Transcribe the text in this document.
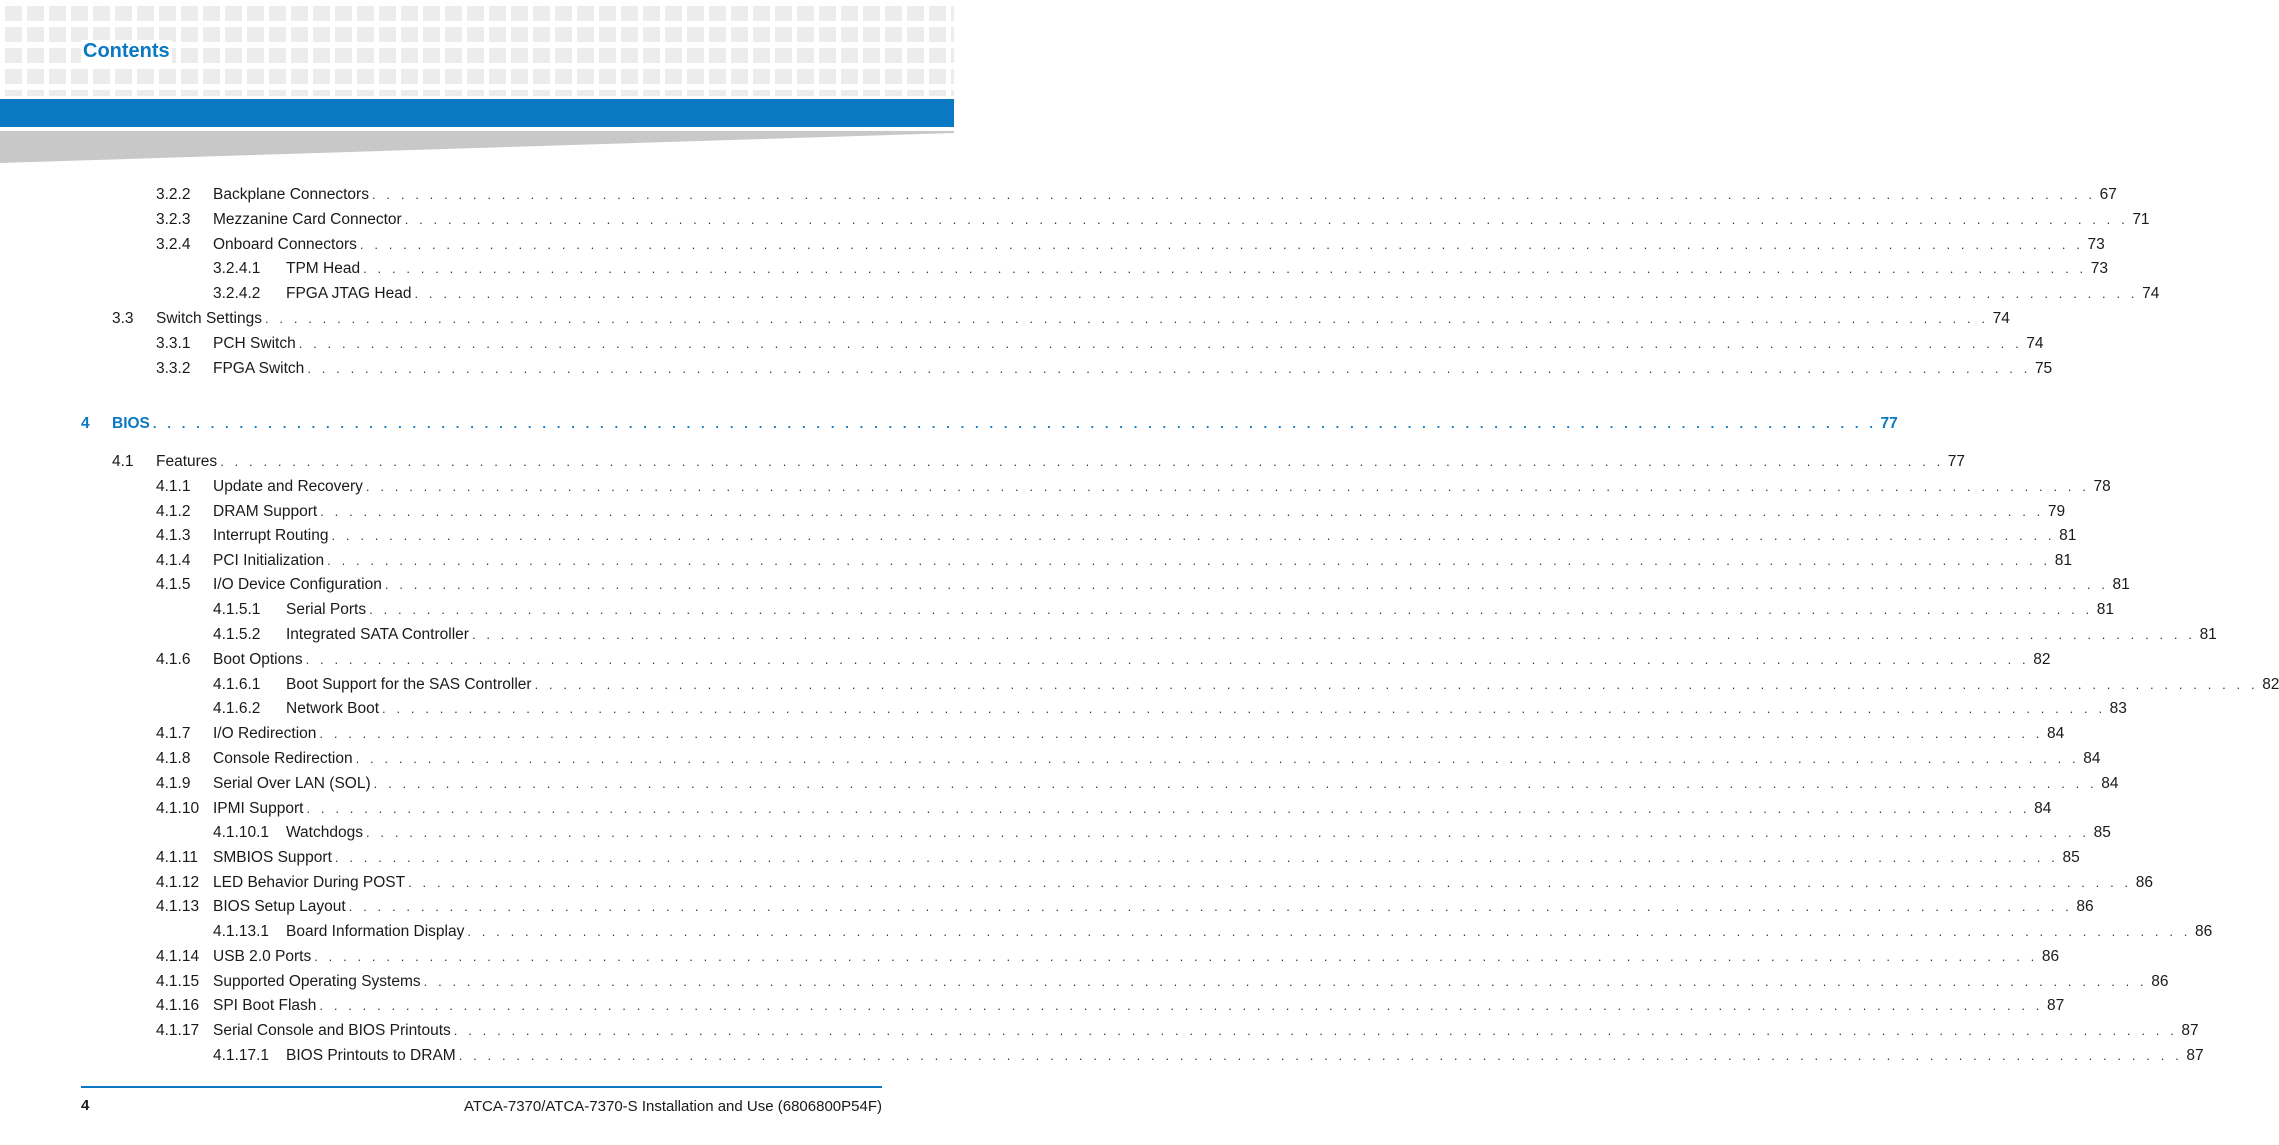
Contents
3.2.2	Backplane Connectors . . . . . . . . . . . . . . . . . . . . . . . . . . . . . . . . . . . . . . . . . . . . . . . . . . . . . . . . . . . . . . . . . . . . . . . . . . . . . . . . . . . . . . . . . . . . . . . . . . . . . . . . . . . . . . . . . . . . . . . . 67
3.2.3	Mezzanine Card Connector . . . . . . . . . . . . . . . . . . . . . . . . . . . . . . . . . . . . . . . . . . . . . . . . . . . . . . . . . . . . . . . . . . . . . . . . . . . . . . . . . . . . . . . . . . . . . . . . . . . . . . . . . . . . . . . . . . . . . . . . 71
3.2.4	Onboard Connectors . . . . . . . . . . . . . . . . . . . . . . . . . . . . . . . . . . . . . . . . . . . . . . . . . . . . . . . . . . . . . . . . . . . . . . . . . . . . . . . . . . . . . . . . . . . . . . . . . . . . . . . . . . . . . . . . . . . . . . . . 73
3.2.4.1	TPM Head . . . . . . . . . . . . . . . . . . . . . . . . . . . . . . . . . . . . . . . . . . . . . . . . . . . . . . . . . . . . . . . . . . . . . . . . . . . . . . . . . . . . . . . . . . . . . . . . . . . . . . . . . . . . . . . . . . . . . . . . 73
3.2.4.2	FPGA JTAG Head . . . . . . . . . . . . . . . . . . . . . . . . . . . . . . . . . . . . . . . . . . . . . . . . . . . . . . . . . . . . . . . . . . . . . . . . . . . . . . . . . . . . . . . . . . . . . . . . . . . . . . . . . . . . . . . . . . . . . . . . 74
3.3	Switch Settings . . . . . . . . . . . . . . . . . . . . . . . . . . . . . . . . . . . . . . . . . . . . . . . . . . . . . . . . . . . . . . . . . . . . . . . . . . . . . . . . . . . . . . . . . . . . . . . . . . . . . . . . . . . . . . . . . . . . . . . . 74
3.3.1	PCH Switch . . . . . . . . . . . . . . . . . . . . . . . . . . . . . . . . . . . . . . . . . . . . . . . . . . . . . . . . . . . . . . . . . . . . . . . . . . . . . . . . . . . . . . . . . . . . . . . . . . . . . . . . . . . . . . . . . . . . . . . . 74
3.3.2	FPGA Switch . . . . . . . . . . . . . . . . . . . . . . . . . . . . . . . . . . . . . . . . . . . . . . . . . . . . . . . . . . . . . . . . . . . . . . . . . . . . . . . . . . . . . . . . . . . . . . . . . . . . . . . . . . . . . . . . . . . . . . . . 75
4	BIOS . . . . . . . . . . . . . . . . . . . . . . . . . . . . . . . . . . . . . . . . . . . . . . . . . . . . . . . . . . . . . . . . . . . . . . . . . . . . . . . . . . . . . . . . . . . . . . . . . . . . . . . . . . . . . . . . . . . . . . . . 77
4.1	Features . . . . . . . . . . . . . . . . . . . . . . . . . . . . . . . . . . . . . . . . . . . . . . . . . . . . . . . . . . . . . . . . . . . . . . . . . . . . . . . . . . . . . . . . . . . . . . . . . . . . . . . . . . . . . . . . . . . . . . . . 77
4.1.1	Update and Recovery . . . . . . . . . . . . . . . . . . . . . . . . . . . . . . . . . . . . . . . . . . . . . . . . . . . . . . . . . . . . . . . . . . . . . . . . . . . . . . . . . . . . . . . . . . . . . . . . . . . . . . . . . . . . . . . . . . . . . . . . 78
4.1.2	DRAM Support . . . . . . . . . . . . . . . . . . . . . . . . . . . . . . . . . . . . . . . . . . . . . . . . . . . . . . . . . . . . . . . . . . . . . . . . . . . . . . . . . . . . . . . . . . . . . . . . . . . . . . . . . . . . . . . . . . . . . . . . 79
4.1.3	Interrupt Routing . . . . . . . . . . . . . . . . . . . . . . . . . . . . . . . . . . . . . . . . . . . . . . . . . . . . . . . . . . . . . . . . . . . . . . . . . . . . . . . . . . . . . . . . . . . . . . . . . . . . . . . . . . . . . . . . . . . . . . . . 81
4.1.4	PCI Initialization . . . . . . . . . . . . . . . . . . . . . . . . . . . . . . . . . . . . . . . . . . . . . . . . . . . . . . . . . . . . . . . . . . . . . . . . . . . . . . . . . . . . . . . . . . . . . . . . . . . . . . . . . . . . . . . . . . . . . . . . 81
4.1.5	I/O Device Configuration . . . . . . . . . . . . . . . . . . . . . . . . . . . . . . . . . . . . . . . . . . . . . . . . . . . . . . . . . . . . . . . . . . . . . . . . . . . . . . . . . . . . . . . . . . . . . . . . . . . . . . . . . . . . . . . . . . . . . . . . 81
4.1.5.1	Serial Ports . . . . . . . . . . . . . . . . . . . . . . . . . . . . . . . . . . . . . . . . . . . . . . . . . . . . . . . . . . . . . . . . . . . . . . . . . . . . . . . . . . . . . . . . . . . . . . . . . . . . . . . . . . . . . . . . . . . . . . . . 81
4.1.5.2	Integrated SATA Controller . . . . . . . . . . . . . . . . . . . . . . . . . . . . . . . . . . . . . . . . . . . . . . . . . . . . . . . . . . . . . . . . . . . . . . . . . . . . . . . . . . . . . . . . . . . . . . . . . . . . . . . . . . . . . . . . . . . . . . . . 81
4.1.6	Boot Options . . . . . . . . . . . . . . . . . . . . . . . . . . . . . . . . . . . . . . . . . . . . . . . . . . . . . . . . . . . . . . . . . . . . . . . . . . . . . . . . . . . . . . . . . . . . . . . . . . . . . . . . . . . . . . . . . . . . . . . . 82
4.1.6.1	Boot Support for the SAS Controller . . . . . . . . . . . . . . . . . . . . . . . . . . . . . . . . . . . . . . . . . . . . . . . . . . . . . . . . . . . . . . . . . . . . . . . . . . . . . . . . . . . . . . . . . . . . . . . . . . . . . . . . . . . . . . . . . . . . . . . . 82
4.1.6.2	Network Boot . . . . . . . . . . . . . . . . . . . . . . . . . . . . . . . . . . . . . . . . . . . . . . . . . . . . . . . . . . . . . . . . . . . . . . . . . . . . . . . . . . . . . . . . . . . . . . . . . . . . . . . . . . . . . . . . . . . . . . . . 83
4.1.7	I/O Redirection . . . . . . . . . . . . . . . . . . . . . . . . . . . . . . . . . . . . . . . . . . . . . . . . . . . . . . . . . . . . . . . . . . . . . . . . . . . . . . . . . . . . . . . . . . . . . . . . . . . . . . . . . . . . . . . . . . . . . . . . 84
4.1.8	Console Redirection . . . . . . . . . . . . . . . . . . . . . . . . . . . . . . . . . . . . . . . . . . . . . . . . . . . . . . . . . . . . . . . . . . . . . . . . . . . . . . . . . . . . . . . . . . . . . . . . . . . . . . . . . . . . . . . . . . . . . . . . 84
4.1.9	Serial Over LAN (SOL) . . . . . . . . . . . . . . . . . . . . . . . . . . . . . . . . . . . . . . . . . . . . . . . . . . . . . . . . . . . . . . . . . . . . . . . . . . . . . . . . . . . . . . . . . . . . . . . . . . . . . . . . . . . . . . . . . . . . . . . . 84
4.1.10 IPMI Support . . . . . . . . . . . . . . . . . . . . . . . . . . . . . . . . . . . . . . . . . . . . . . . . . . . . . . . . . . . . . . . . . . . . . . . . . . . . . . . . . . . . . . . . . . . . . . . . . . . . . . . . . . . . . . . . . . . . . . . . 84
4.1.10.1	Watchdogs . . . . . . . . . . . . . . . . . . . . . . . . . . . . . . . . . . . . . . . . . . . . . . . . . . . . . . . . . . . . . . . . . . . . . . . . . . . . . . . . . . . . . . . . . . . . . . . . . . . . . . . . . . . . . . . . . . . . . . . . 85
4.1.11 SMBIOS Support . . . . . . . . . . . . . . . . . . . . . . . . . . . . . . . . . . . . . . . . . . . . . . . . . . . . . . . . . . . . . . . . . . . . . . . . . . . . . . . . . . . . . . . . . . . . . . . . . . . . . . . . . . . . . . . . . . . . . . . . 85
4.1.12 LED Behavior During POST . . . . . . . . . . . . . . . . . . . . . . . . . . . . . . . . . . . . . . . . . . . . . . . . . . . . . . . . . . . . . . . . . . . . . . . . . . . . . . . . . . . . . . . . . . . . . . . . . . . . . . . . . . . . . . . . . . . . . . . . 86
4.1.13 BIOS Setup Layout . . . . . . . . . . . . . . . . . . . . . . . . . . . . . . . . . . . . . . . . . . . . . . . . . . . . . . . . . . . . . . . . . . . . . . . . . . . . . . . . . . . . . . . . . . . . . . . . . . . . . . . . . . . . . . . . . . . . . . . . 86
4.1.13.1	Board Information Display . . . . . . . . . . . . . . . . . . . . . . . . . . . . . . . . . . . . . . . . . . . . . . . . . . . . . . . . . . . . . . . . . . . . . . . . . . . . . . . . . . . . . . . . . . . . . . . . . . . . . . . . . . . . . . . . . . . . . . . . 86
4.1.14 USB 2.0 Ports . . . . . . . . . . . . . . . . . . . . . . . . . . . . . . . . . . . . . . . . . . . . . . . . . . . . . . . . . . . . . . . . . . . . . . . . . . . . . . . . . . . . . . . . . . . . . . . . . . . . . . . . . . . . . . . . . . . . . . . . 86
4.1.15 Supported Operating Systems . . . . . . . . . . . . . . . . . . . . . . . . . . . . . . . . . . . . . . . . . . . . . . . . . . . . . . . . . . . . . . . . . . . . . . . . . . . . . . . . . . . . . . . . . . . . . . . . . . . . . . . . . . . . . . . . . . . . . . . . 86
4.1.16 SPI Boot Flash . . . . . . . . . . . . . . . . . . . . . . . . . . . . . . . . . . . . . . . . . . . . . . . . . . . . . . . . . . . . . . . . . . . . . . . . . . . . . . . . . . . . . . . . . . . . . . . . . . . . . . . . . . . . . . . . . . . . . . . . 87
4.1.17 Serial Console and BIOS Printouts . . . . . . . . . . . . . . . . . . . . . . . . . . . . . . . . . . . . . . . . . . . . . . . . . . . . . . . . . . . . . . . . . . . . . . . . . . . . . . . . . . . . . . . . . . . . . . . . . . . . . . . . . . . . . . . . . . . . . . . . 87
4.1.17.1	BIOS Printouts to DRAM . . . . . . . . . . . . . . . . . . . . . . . . . . . . . . . . . . . . . . . . . . . . . . . . . . . . . . . . . . . . . . . . . . . . . . . . . . . . . . . . . . . . . . . . . . . . . . . . . . . . . . . . . . . . . . . . . . . . . . . . 87
4	ATCA-7370/ATCA-7370-S Installation and Use (6806800P54F)
